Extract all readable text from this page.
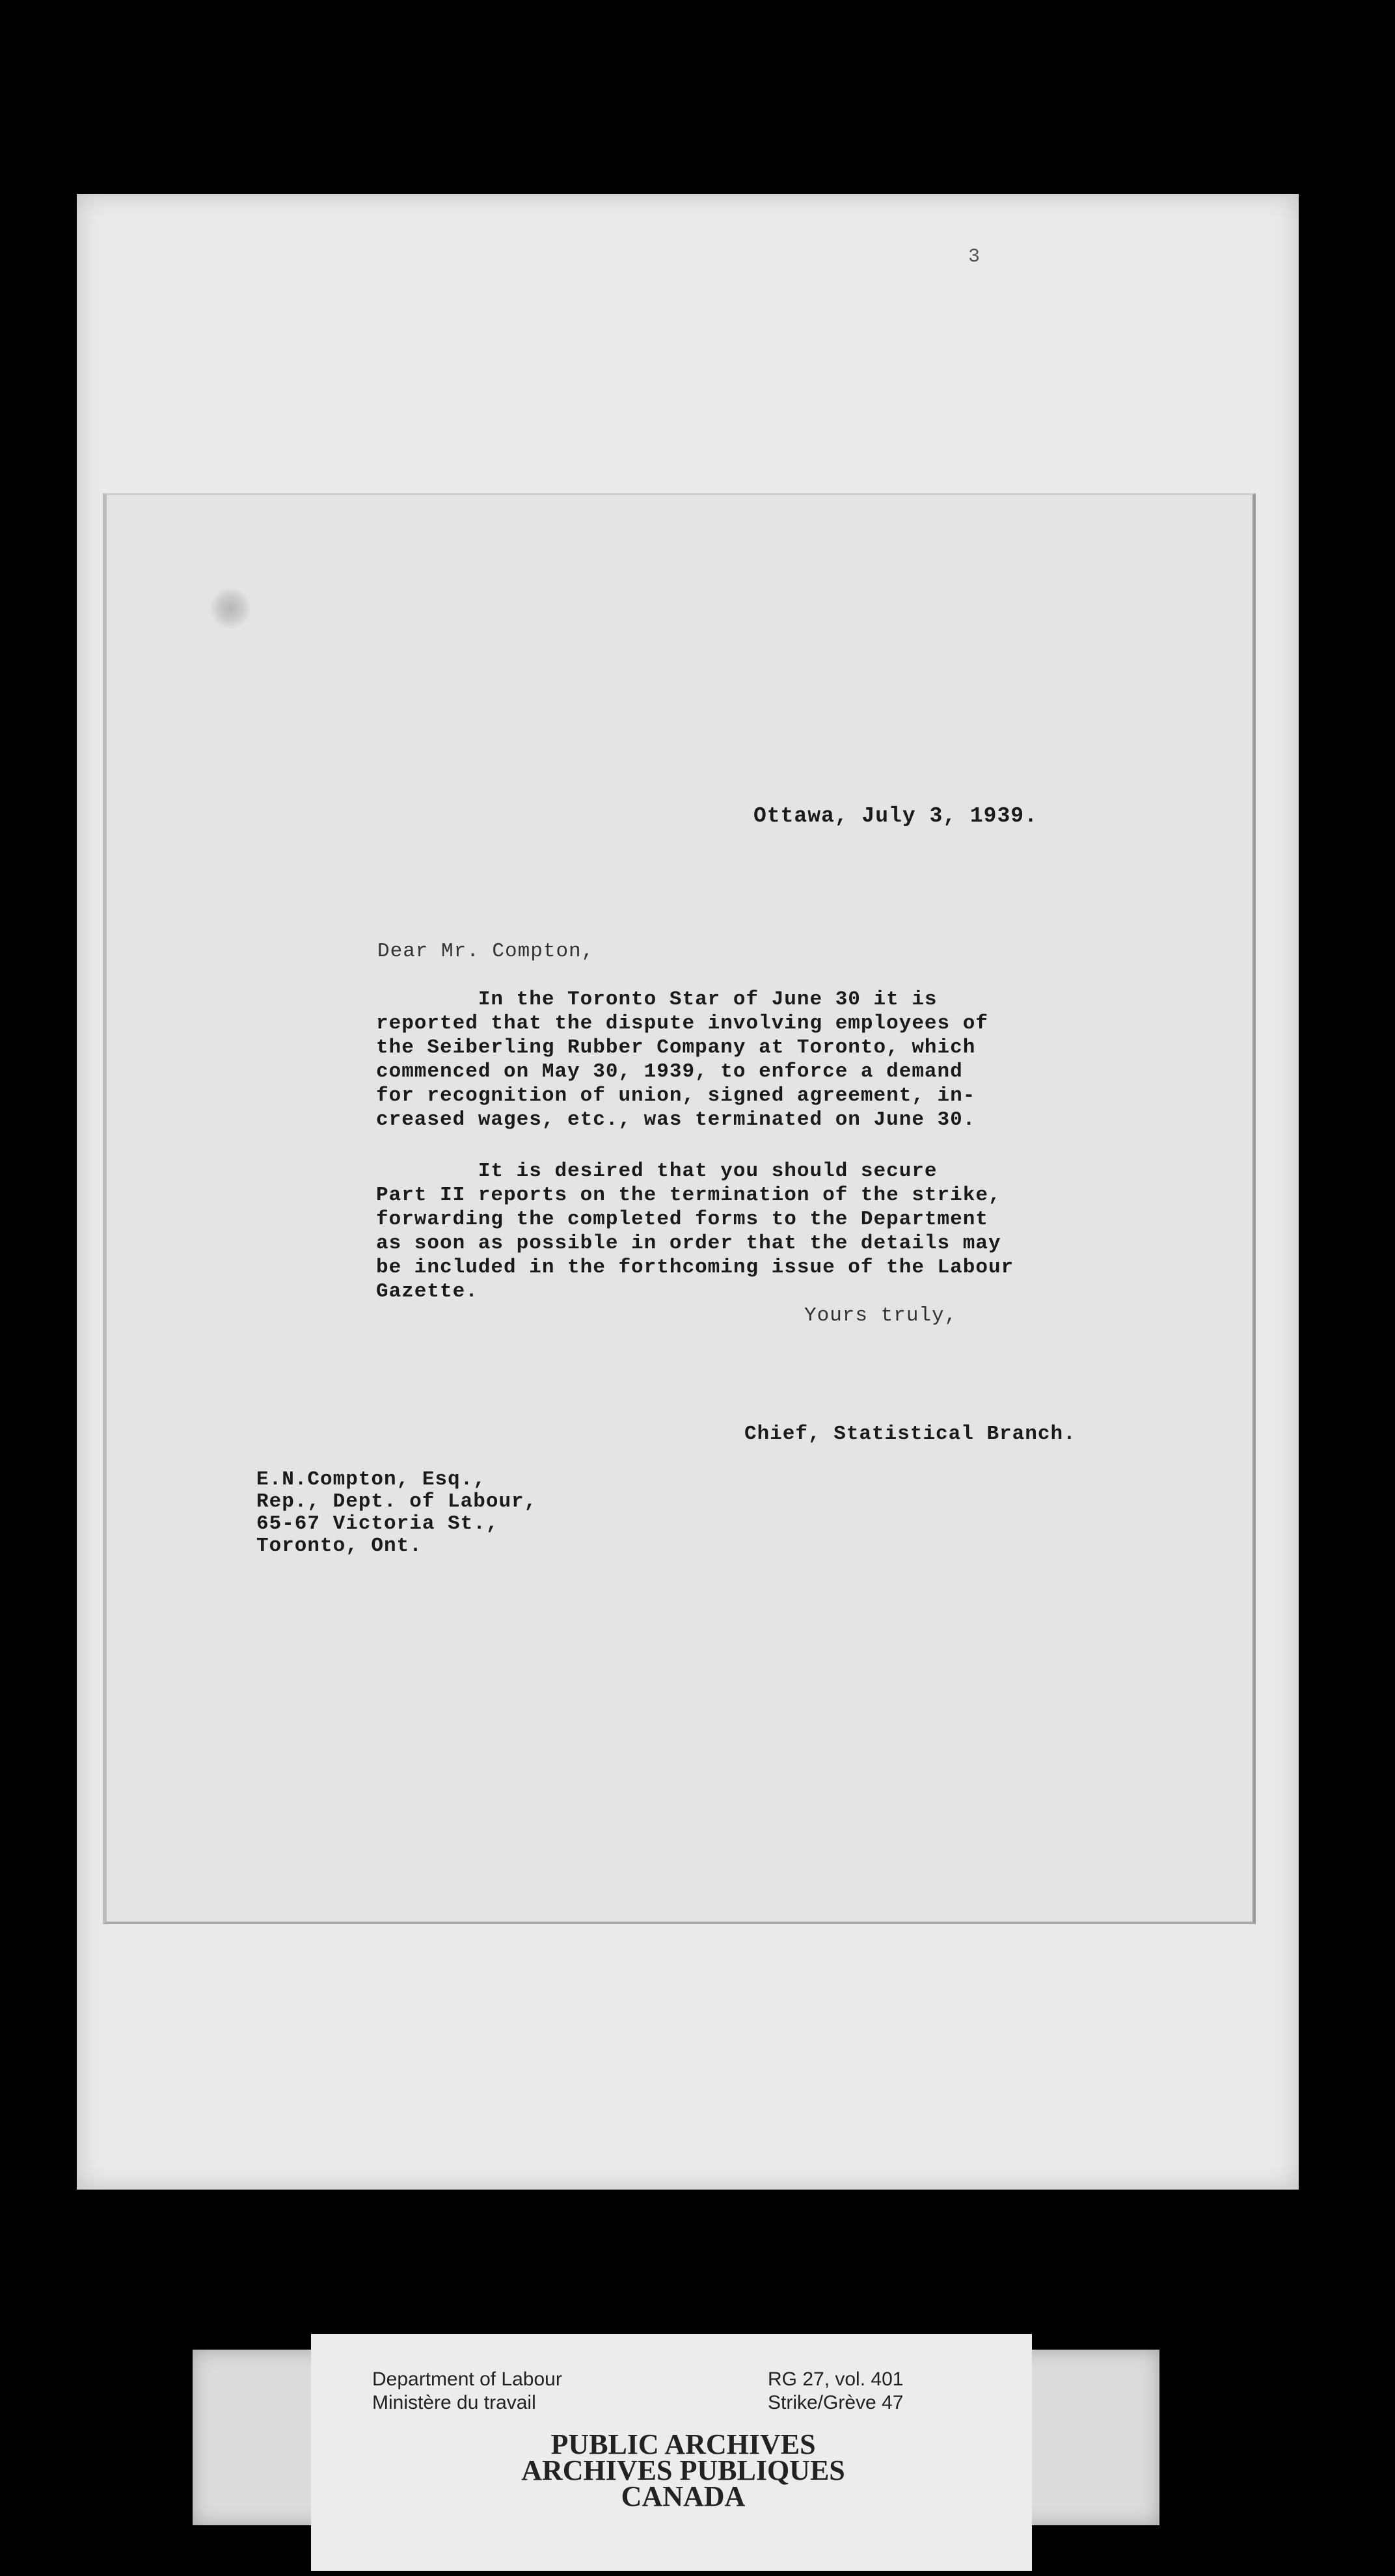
3
Ottawa, July 3, 1939.
Dear Mr. Compton,
In the Toronto Star of June 30 it is
reported that the dispute involving employees of
the Seiberling Rubber Company at Toronto, which
commenced on May 30, 1939, to enforce a demand
for recognition of union, signed agreement, in-
creased wages, etc., was terminated on June 30.
It is desired that you should secure
Part II reports on the termination of the strike,
forwarding the completed forms to the Department
as soon as possible in order that the details may
be included in the forthcoming issue of the Labour
Gazette.
Yours truly,
Chief, Statistical Branch.
E.N.Compton, Esq.,
Rep., Dept. of Labour,
65-67 Victoria St.,
Toronto, Ont.
Department of Labour
Ministère du travail
RG 27, vol. 401
Strike/Grève 47
PUBLIC ARCHIVES
ARCHIVES PUBLIQUES
CANADA
